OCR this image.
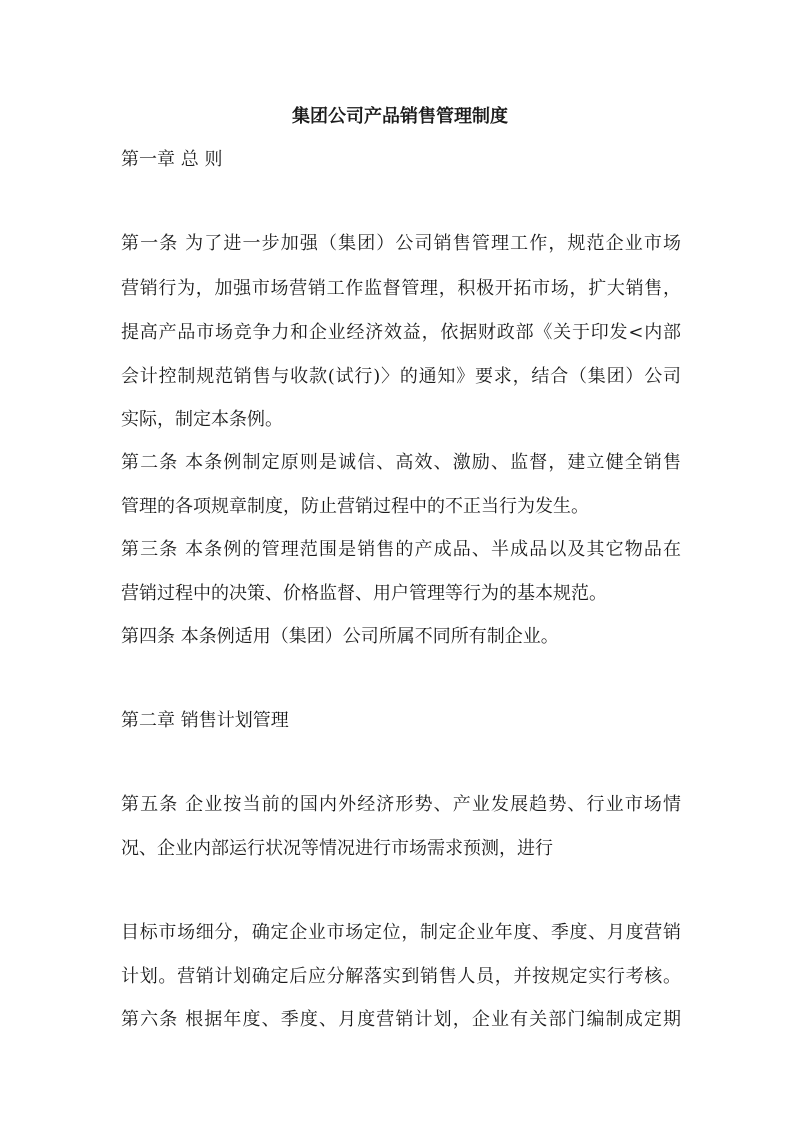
集团公司产品销售管理制度
第一章 总 则
第一条 为了进一步加强（集团）公司销售管理工作，规范企业市场
营销行为，加强市场营销工作监督管理，积极开拓市场，扩大销售，
提高产品市场竞争力和企业经济效益，依据财政部《关于印发<内部
会计控制规范销售与收款(试行)〉的通知》要求，结合（集团）公司
实际，制定本条例。
第二条 本条例制定原则是诚信、高效、激励、监督，建立健全销售
管理的各项规章制度，防止营销过程中的不正当行为发生。
第三条 本条例的管理范围是销售的产成品、半成品以及其它物品在
营销过程中的决策、价格监督、用户管理等行为的基本规范。
第四条 本条例适用（集团）公司所属不同所有制企业。
第二章 销售计划管理
第五条 企业按当前的国内外经济形势、产业发展趋势、行业市场情
况、企业内部运行状况等情况进行市场需求预测，进行
目标市场细分，确定企业市场定位，制定企业年度、季度、月度营销
计划。营销计划确定后应分解落实到销售人员，并按规定实行考核。
第六条 根据年度、季度、月度营销计划，企业有关部门编制成定期
